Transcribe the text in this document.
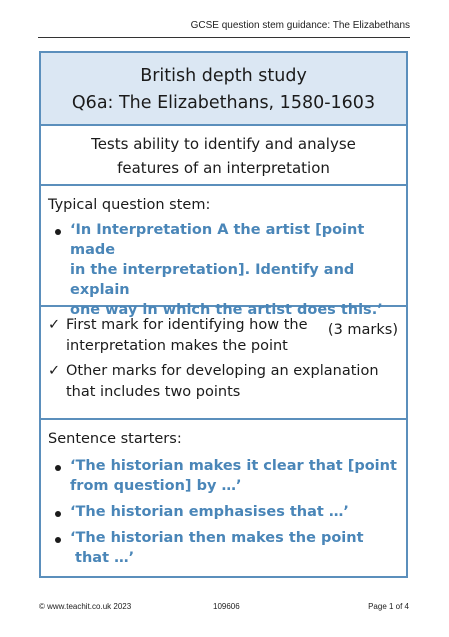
GCSE question stem guidance: The Elizabethans
British depth study
Q6a: The Elizabethans, 1580-1603
Tests ability to identify and analyse
features of an interpretation
Typical question stem:
‘In Interpretation A the artist [point made
in the interpretation]. Identify and explain
one way in which the artist does this.’
(3 marks)
✓ First mark for identifying how the
interpretation makes the point
✓ Other marks for developing an explanation
that includes two points
Sentence starters:
‘The historian makes it clear that [point
from question] by …’
‘The historian emphasises that …’
‘The historian then makes the point
that …’
© www.teachit.co.uk 2023	109606	Page 1 of 4
